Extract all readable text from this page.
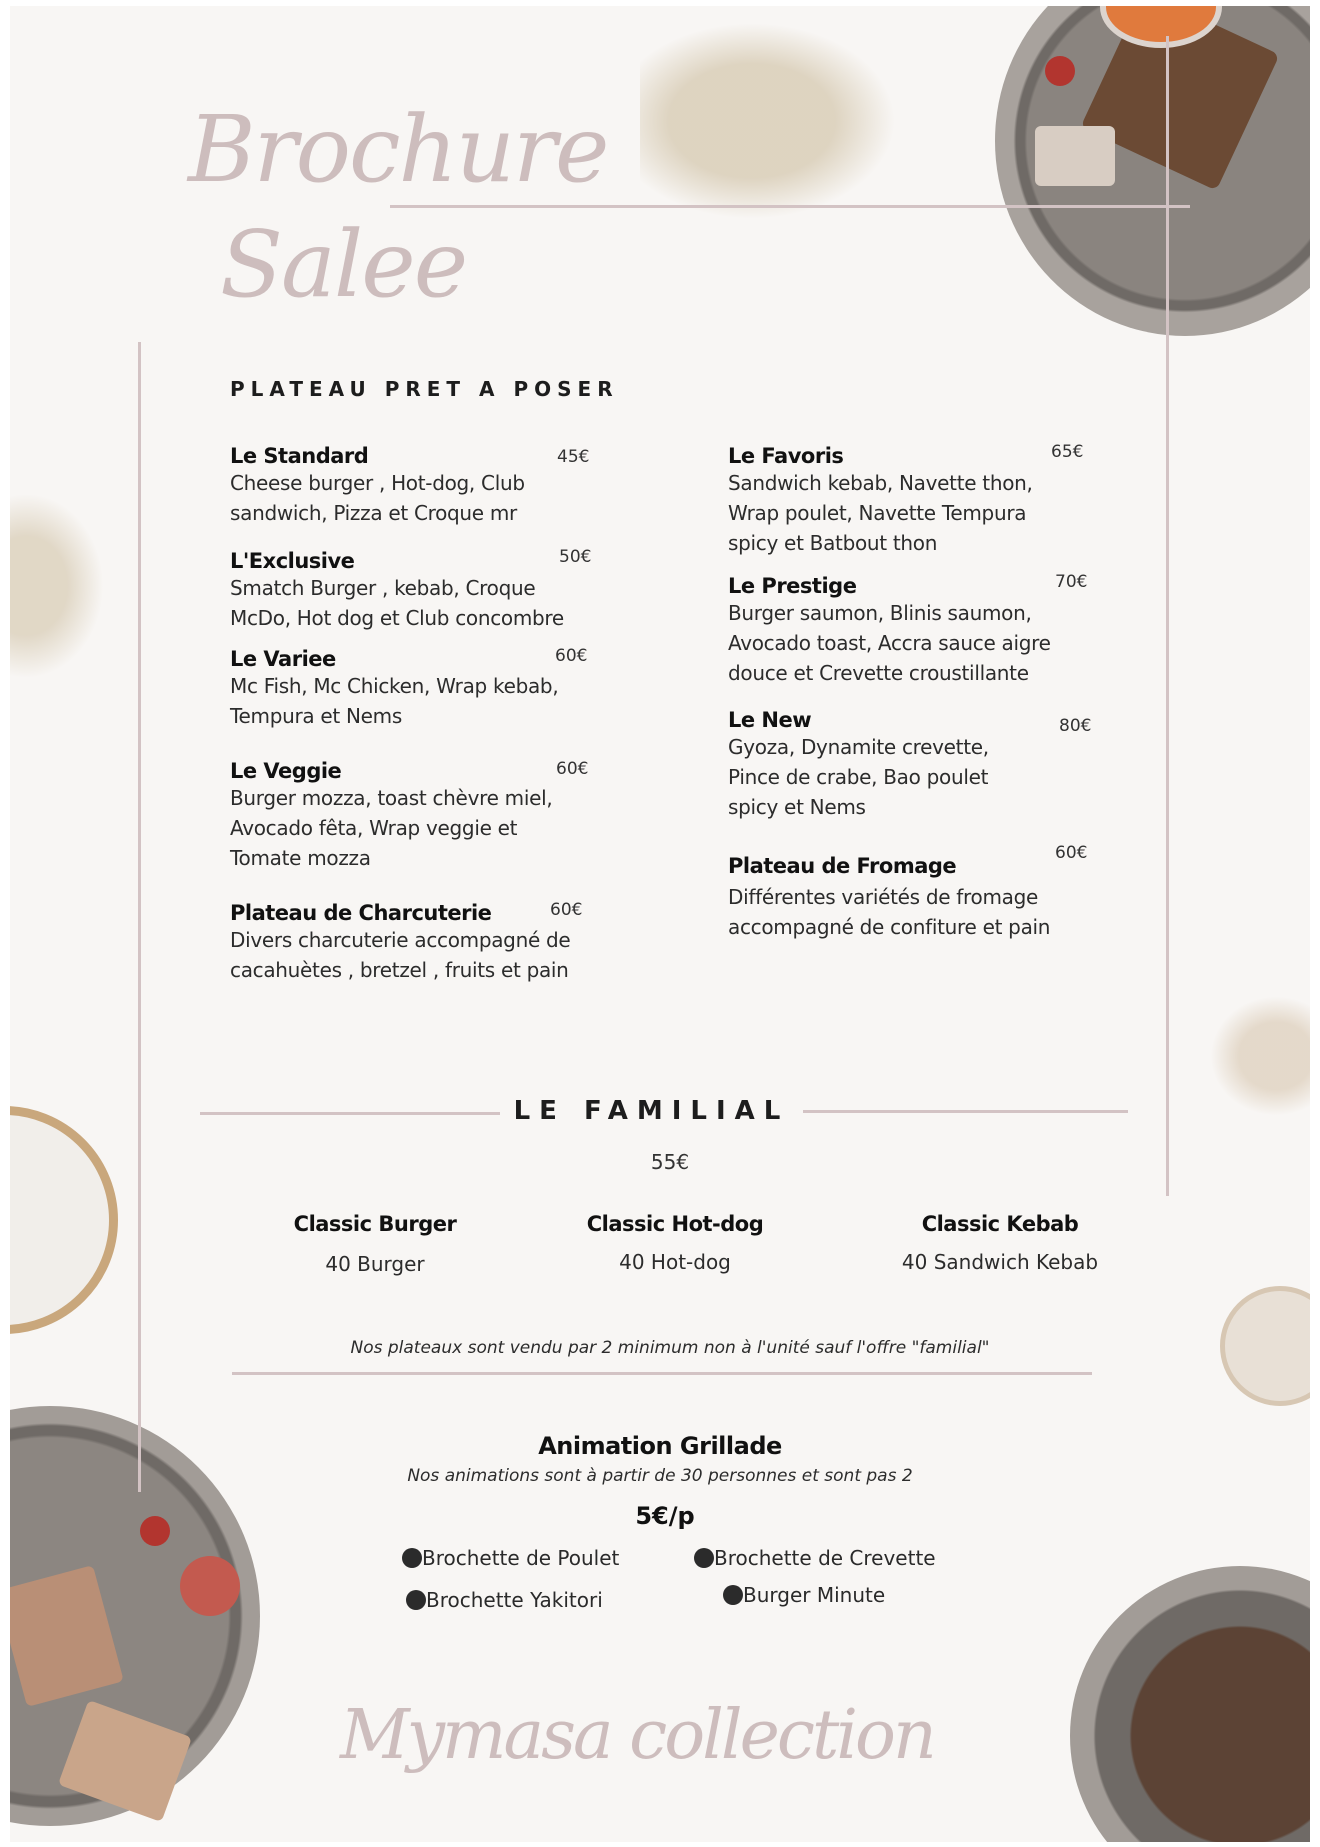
Brochure
Salee
PLATEAU PRET A POSER
Le Standard	45€
Cheese burger , Hot-dog, Club sandwich, Pizza et Croque mr
L'Exclusive	50€
Smatch Burger , kebab, Croque McDo, Hot dog et Club concombre
Le Variee	60€
Mc Fish, Mc Chicken, Wrap kebab, Tempura et Nems
Le Veggie	60€
Burger mozza, toast chèvre miel, Avocado fêta, Wrap veggie et Tomate mozza
Plateau de Charcuterie	60€
Divers charcuterie accompagné de cacahuètes , bretzel , fruits et pain
Le Favoris	65€
Sandwich kebab, Navette thon, Wrap poulet, Navette Tempura spicy et Batbout thon
Le Prestige	70€
Burger saumon, Blinis saumon, Avocado toast, Accra sauce aigre douce et Crevette croustillante
Le New	80€
Gyoza, Dynamite crevette, Pince de crabe, Bao poulet spicy et Nems
Plateau de Fromage
60€
Différentes variétés de fromage accompagné de confiture et pain
LE FAMILIAL
55€
Classic Burger
40 Burger
Classic Hot-dog
40 Hot-dog
Classic Kebab
40 Sandwich Kebab
Nos plateaux sont vendu par 2 minimum non à l'unité sauf l'offre "familial"
Animation Grillade
Nos animations sont à partir de 30 personnes et sont pas 2
5€/p
Brochette de Poulet	Brochette de Crevette
Brochette Yakitori	Burger Minute
Mymasa collection
